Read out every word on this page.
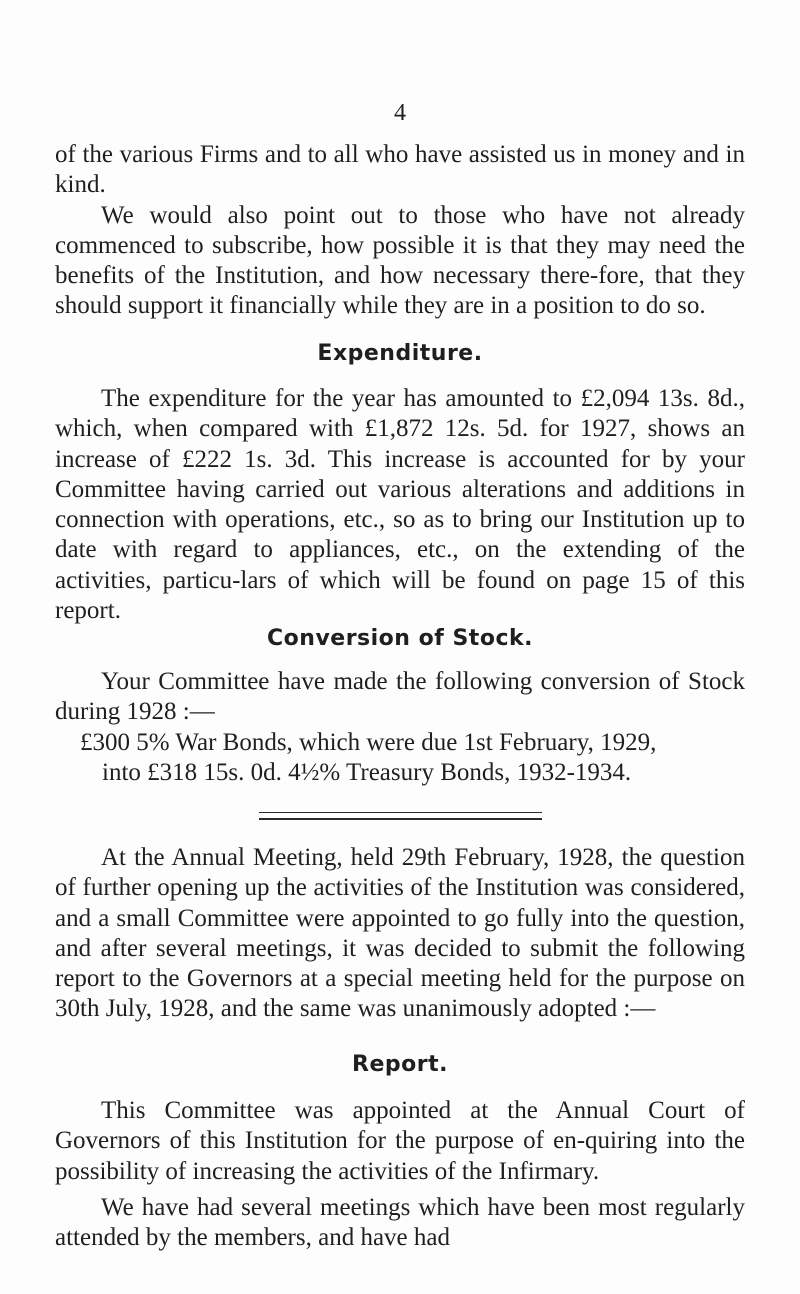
4

of the various Firms and to all who have assisted us in money and in kind.

We would also point out to those who have not already commenced to subscribe, how possible it is that they may need the benefits of the Institution, and how necessary there-fore, that they should support it financially while they are in a position to do so.

Expenditure.

The expenditure for the year has amounted to £2,094 13s. 8d., which, when compared with £1,872 12s. 5d. for 1927, shows an increase of £222 1s. 3d. This increase is accounted for by your Committee having carried out various alterations and additions in connection with operations, etc., so as to bring our Institution up to date with regard to appliances, etc., on the extending of the activities, particu-lars of which will be found on page 15 of this report.

Conversion of Stock.

Your Committee have made the following conversion of Stock during 1928 :—

£300 5% War Bonds, which were due 1st February, 1929,
into £318 15s. 0d. 4½% Treasury Bonds, 1932-1934.

At the Annual Meeting, held 29th February, 1928, the question of further opening up the activities of the Institution was considered, and a small Committee were appointed to go fully into the question, and after several meetings, it was decided to submit the following report to the Governors at a special meeting held for the purpose on 30th July, 1928, and the same was unanimously adopted :—

Report.

This Committee was appointed at the Annual Court of Governors of this Institution for the purpose of en-quiring into the possibility of increasing the activities of the Infirmary.

We have had several meetings which have been most regularly attended by the members, and have had
